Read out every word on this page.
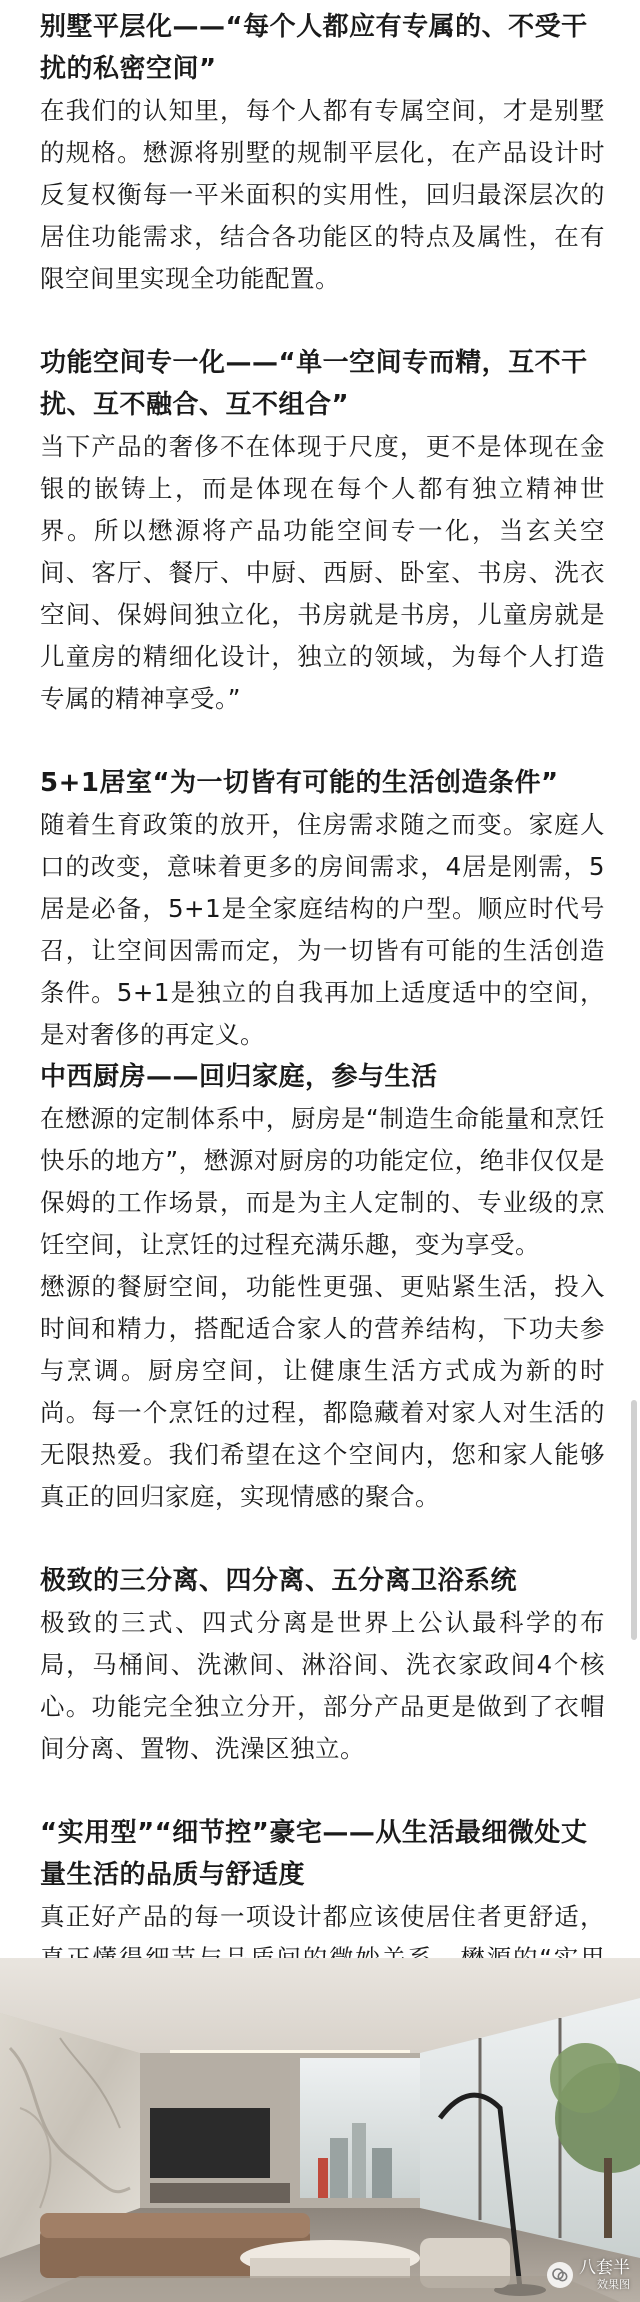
别墅平层化——“每个人都应有专属的、不受干扰的私密空间”

在我们的认知里，每个人都有专属空间，才是别墅的规格。懋源将别墅的规制平层化，在产品设计时反复权衡每一平米面积的实用性，回归最深层次的居住功能需求，结合各功能区的特点及属性，在有限空间里实现全功能配置。

功能空间专一化——“单一空间专而精，互不干扰、互不融合、互不组合”

当下产品的奢侈不在体现于尺度，更不是体现在金银的嵌铸上，而是体现在每个人都有独立精神世界。所以懋源将产品功能空间专一化，当玄关空间、客厅、餐厅、中厨、西厨、卧室、书房、洗衣空间、保姆间独立化，书房就是书房，儿童房就是儿童房的精细化设计，独立的领域，为每个人打造专属的精神享受。”

5+1居室“为一切皆有可能的生活创造条件”

随着生育政策的放开，住房需求随之而变。家庭人口的改变，意味着更多的房间需求，4居是刚需，5居是必备，5+1是全家庭结构的户型。顺应时代号召，让空间因需而定，为一切皆有可能的生活创造条件。5+1是独立的自我再加上适度适中的空间，是对奢侈的再定义。

中西厨房——回归家庭，参与生活

在懋源的定制体系中，厨房是“制造生命能量和烹饪快乐的地方”，懋源对厨房的功能定位，绝非仅仅是保姆的工作场景，而是为主人定制的、专业级的烹饪空间，让烹饪的过程充满乐趣，变为享受。

懋源的餐厨空间，功能性更强、更贴紧生活，投入时间和精力，搭配适合家人的营养结构，下功夫参与烹调。厨房空间，让健康生活方式成为新的时尚。每一个烹饪的过程，都隐藏着对家人对生活的无限热爱。我们希望在这个空间内，您和家人能够真正的回归家庭，实现情感的聚合。

极致的三分离、四分离、五分离卫浴系统

极致的三式、四式分离是世界上公认最科学的布局，马桶间、洗漱间、淋浴间、洗衣家政间4个核心。功能完全独立分开，部分产品更是做到了衣帽间分离、置物、洗澡区独立。

“实用型”“细节控”豪宅——从生活最细微处丈量生活的品质与舒适度

真正好产品的每一项设计都应该使居住者更舒适，

八套半
效果图
